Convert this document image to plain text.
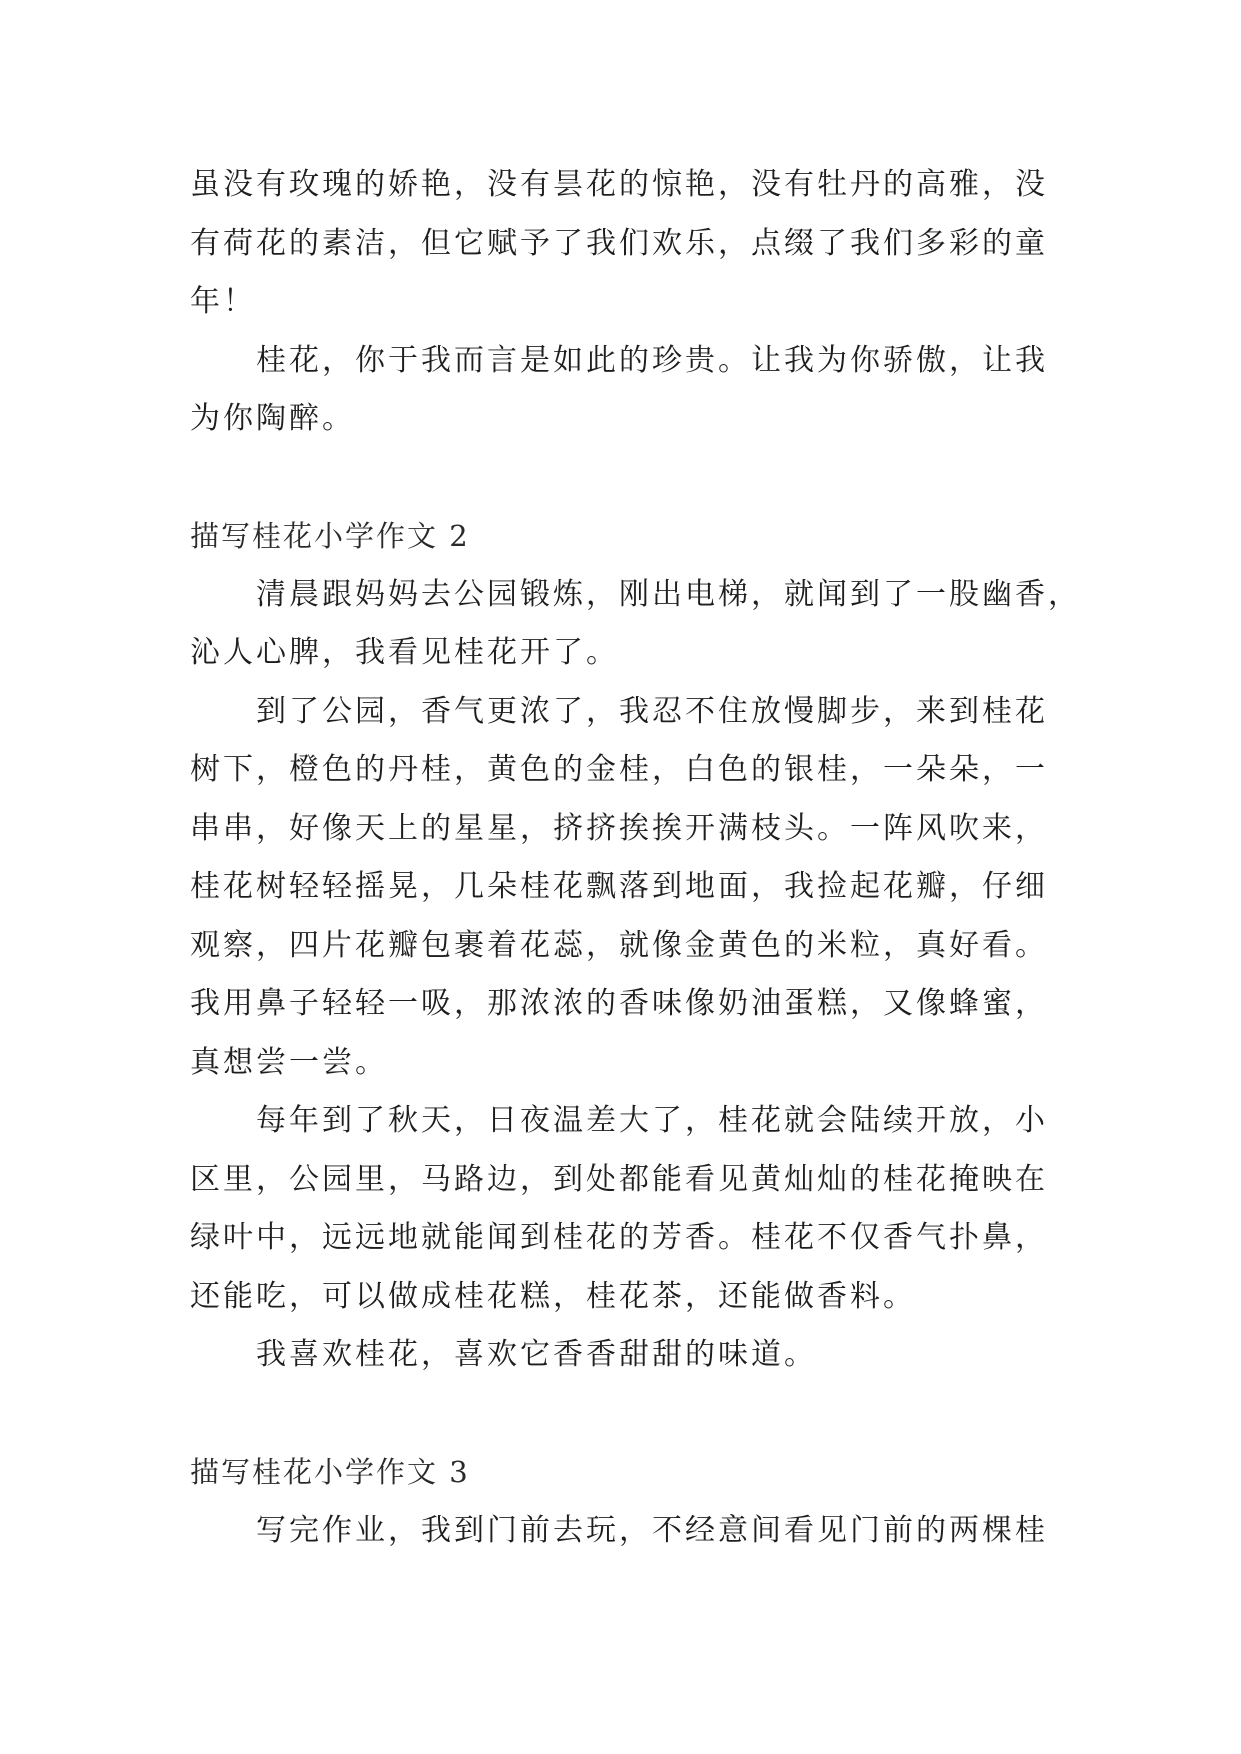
虽没有玫瑰的娇艳，没有昙花的惊艳，没有牡丹的高雅，没
有荷花的素洁，但它赋予了我们欢乐，点缀了我们多彩的童
年！
桂花，你于我而言是如此的珍贵。让我为你骄傲，让我
为你陶醉。
描写桂花小学作文 2
清晨跟妈妈去公园锻炼，刚出电梯，就闻到了一股幽香，
沁人心脾，我看见桂花开了。
到了公园，香气更浓了，我忍不住放慢脚步，来到桂花
树下，橙色的丹桂，黄色的金桂，白色的银桂，一朵朵，一
串串，好像天上的星星，挤挤挨挨开满枝头。一阵风吹来，
桂花树轻轻摇晃，几朵桂花飘落到地面，我捡起花瓣，仔细
观察，四片花瓣包裹着花蕊，就像金黄色的米粒，真好看。
我用鼻子轻轻一吸，那浓浓的香味像奶油蛋糕，又像蜂蜜，
真想尝一尝。
每年到了秋天，日夜温差大了，桂花就会陆续开放，小
区里，公园里，马路边，到处都能看见黄灿灿的桂花掩映在
绿叶中，远远地就能闻到桂花的芳香。桂花不仅香气扑鼻，
还能吃，可以做成桂花糕，桂花茶，还能做香料。
我喜欢桂花，喜欢它香香甜甜的味道。
描写桂花小学作文 3
写完作业，我到门前去玩，不经意间看见门前的两棵桂
